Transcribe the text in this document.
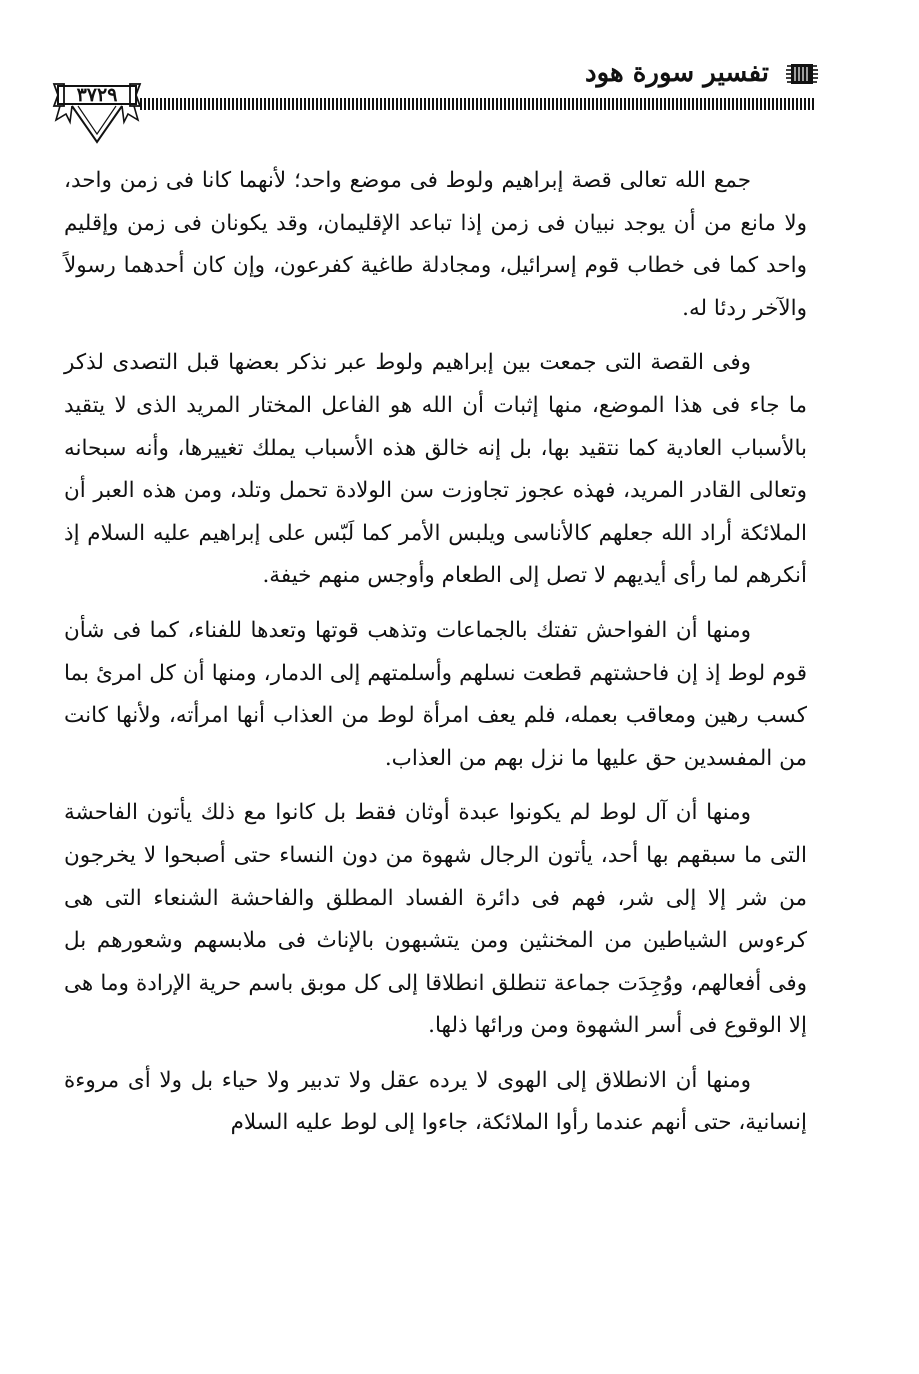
تفسير سورة هود
٣٧٢٩

جمع الله تعالى قصة إبراهيم ولوط فى موضع واحد؛ لأنهما كانا فى زمن واحد، ولا مانع من أن يوجد نبيان فى زمن إذا تباعد الإقليمان، وقد يكونان فى زمن وإقليم واحد كما فى خطاب قوم إسرائيل، ومجادلة طاغية كفرعون، وإن كان أحدهما رسولاً والآخر ردئا له.

وفى القصة التى جمعت بين إبراهيم ولوط عبر نذكر بعضها قبل التصدى لذكر ما جاء فى هذا الموضع، منها إثبات أن الله هو الفاعل المختار المريد الذى لا يتقيد بالأسباب العادية كما نتقيد بها، بل إنه خالق هذه الأسباب يملك تغييرها، وأنه سبحانه وتعالى القادر المريد، فهذه عجوز تجاوزت سن الولادة تحمل وتلد، ومن هذه العبر أن الملائكة أراد الله جعلهم كالأناسى ويلبس الأمر كما لَبّس على إبراهيم عليه السلام إذ أنكرهم لما رأى أيديهم لا تصل إلى الطعام وأوجس منهم خيفة.

ومنها أن الفواحش تفتك بالجماعات وتذهب قوتها وتعدها للفناء، كما فى شأن قوم لوط إذ إن فاحشتهم قطعت نسلهم وأسلمتهم إلى الدمار، ومنها أن كل امرئ بما كسب رهين ومعاقب بعمله، فلم يعف امرأة لوط من العذاب أنها امرأته، ولأنها كانت من المفسدين حق عليها ما نزل بهم من العذاب.

ومنها أن آل لوط لم يكونوا عبدة أوثان فقط بل كانوا مع ذلك يأتون الفاحشة التى ما سبقهم بها أحد، يأتون الرجال شهوة من دون النساء حتى أصبحوا لا يخرجون من شر إلا إلى شر، فهم فى دائرة الفساد المطلق والفاحشة الشنعاء التى هى كرءوس الشياطين من المخنثين ومن يتشبهون بالإناث فى ملابسهم وشعورهم بل وفى أفعالهم، ووُجِدَت جماعة تنطلق انطلاقا إلى كل موبق باسم حرية الإرادة وما هى إلا الوقوع فى أسر الشهوة ومن ورائها ذلها.

ومنها أن الانطلاق إلى الهوى لا يرده عقل ولا تدبير ولا حياء بل ولا أى مروءة إنسانية، حتى أنهم عندما رأوا الملائكة، جاءوا إلى لوط عليه السلام
